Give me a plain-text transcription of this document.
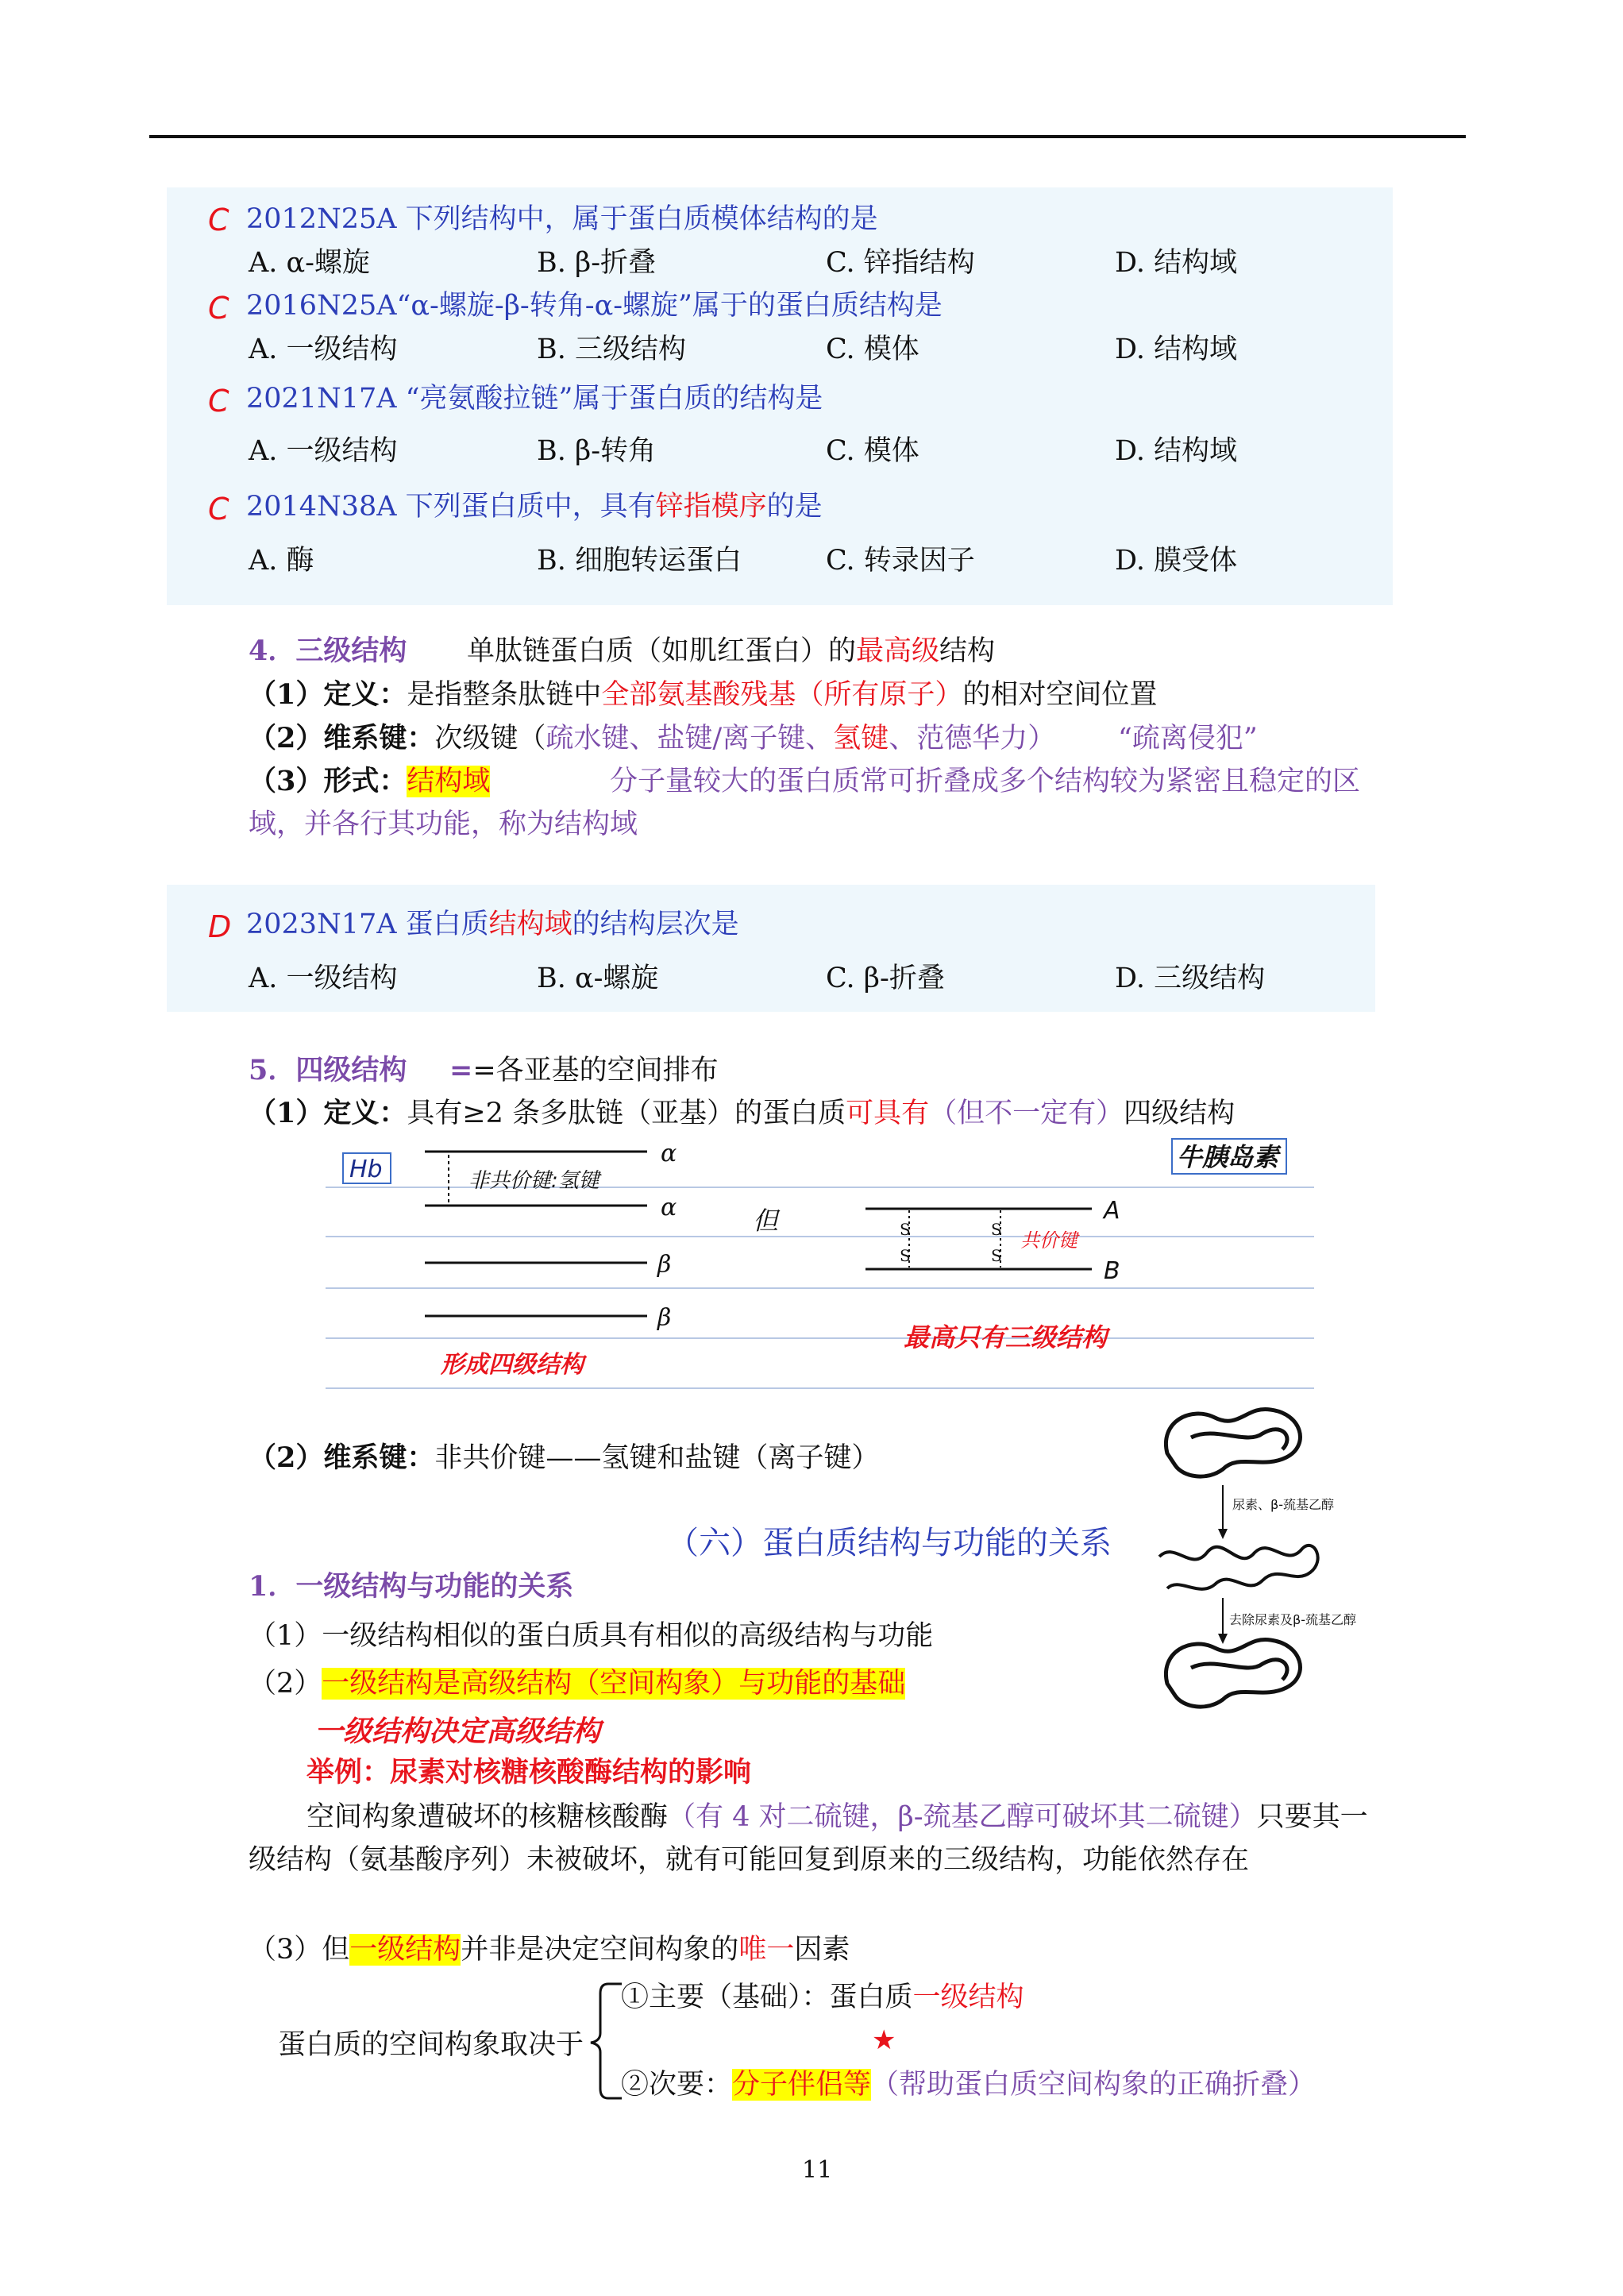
C 2012N25A 下列结构中，属于蛋白质模体结构的是
A. α-螺旋	B. β-折叠	C. 锌指结构	D. 结构域
C 2016N25A“α-螺旋-β-转角-α-螺旋”属于的蛋白质结构是
A. 一级结构	B. 三级结构	C. 模体	D. 结构域
C 2021N17A “亮氨酸拉链”属于蛋白质的结构是
A. 一级结构	B. β-转角	C. 模体	D. 结构域
C 2014N38A 下列蛋白质中，具有锌指模序的是
A. 酶	B. 细胞转运蛋白	C. 转录因子	D. 膜受体
4．三级结构 单肽链蛋白质（如肌红蛋白）的最高级结构
（1）定义：是指整条肽链中全部氨基酸残基（所有原子）的相对空间位置
（2）维系键：次级键（疏水键、盐键/离子键、氢键、范德华力） “疏离侵犯”
（3）形式：结构域	分子量较大的蛋白质常可折叠成多个结构较为紧密且稳定的区
域，并各行其功能，称为结构域
D 2023N17A 蛋白质结构域的结构层次是
A. 一级结构	B. α-螺旋	C. β-折叠	D. 三级结构
5．四级结构 ==各亚基的空间排布
（1）定义：具有≥2 条多肽链（亚基）的蛋白质可具有（但不一定有）四级结构
Hb
α
α
非共价键:氢键
β
β
形成四级结构
但
牛胰岛素
A
B
S
S
S
S
共价键
最高只有三级结构
（2）维系键：非共价键——氢键和盐键（离子键）
尿素、β-巯基乙醇
去除尿素及β-巯基乙醇
（六）蛋白质结构与功能的关系
1．一级结构与功能的关系
（1）一级结构相似的蛋白质具有相似的高级结构与功能
（2）一级结构是高级结构（空间构象）与功能的基础
一级结构决定高级结构
举例：尿素对核糖核酸酶结构的影响
空间构象遭破坏的核糖核酸酶（有 4 对二硫键，β-巯基乙醇可破坏其二硫键）只要其一
级结构（氨基酸序列）未被破坏，就有可能回复到原来的三级结构，功能依然存在
（3）但一级结构并非是决定空间构象的唯一因素
蛋白质的空间构象取决于
①主要（基础）：蛋白质一级结构
★
②次要：分子伴侣等（帮助蛋白质空间构象的正确折叠）
11
